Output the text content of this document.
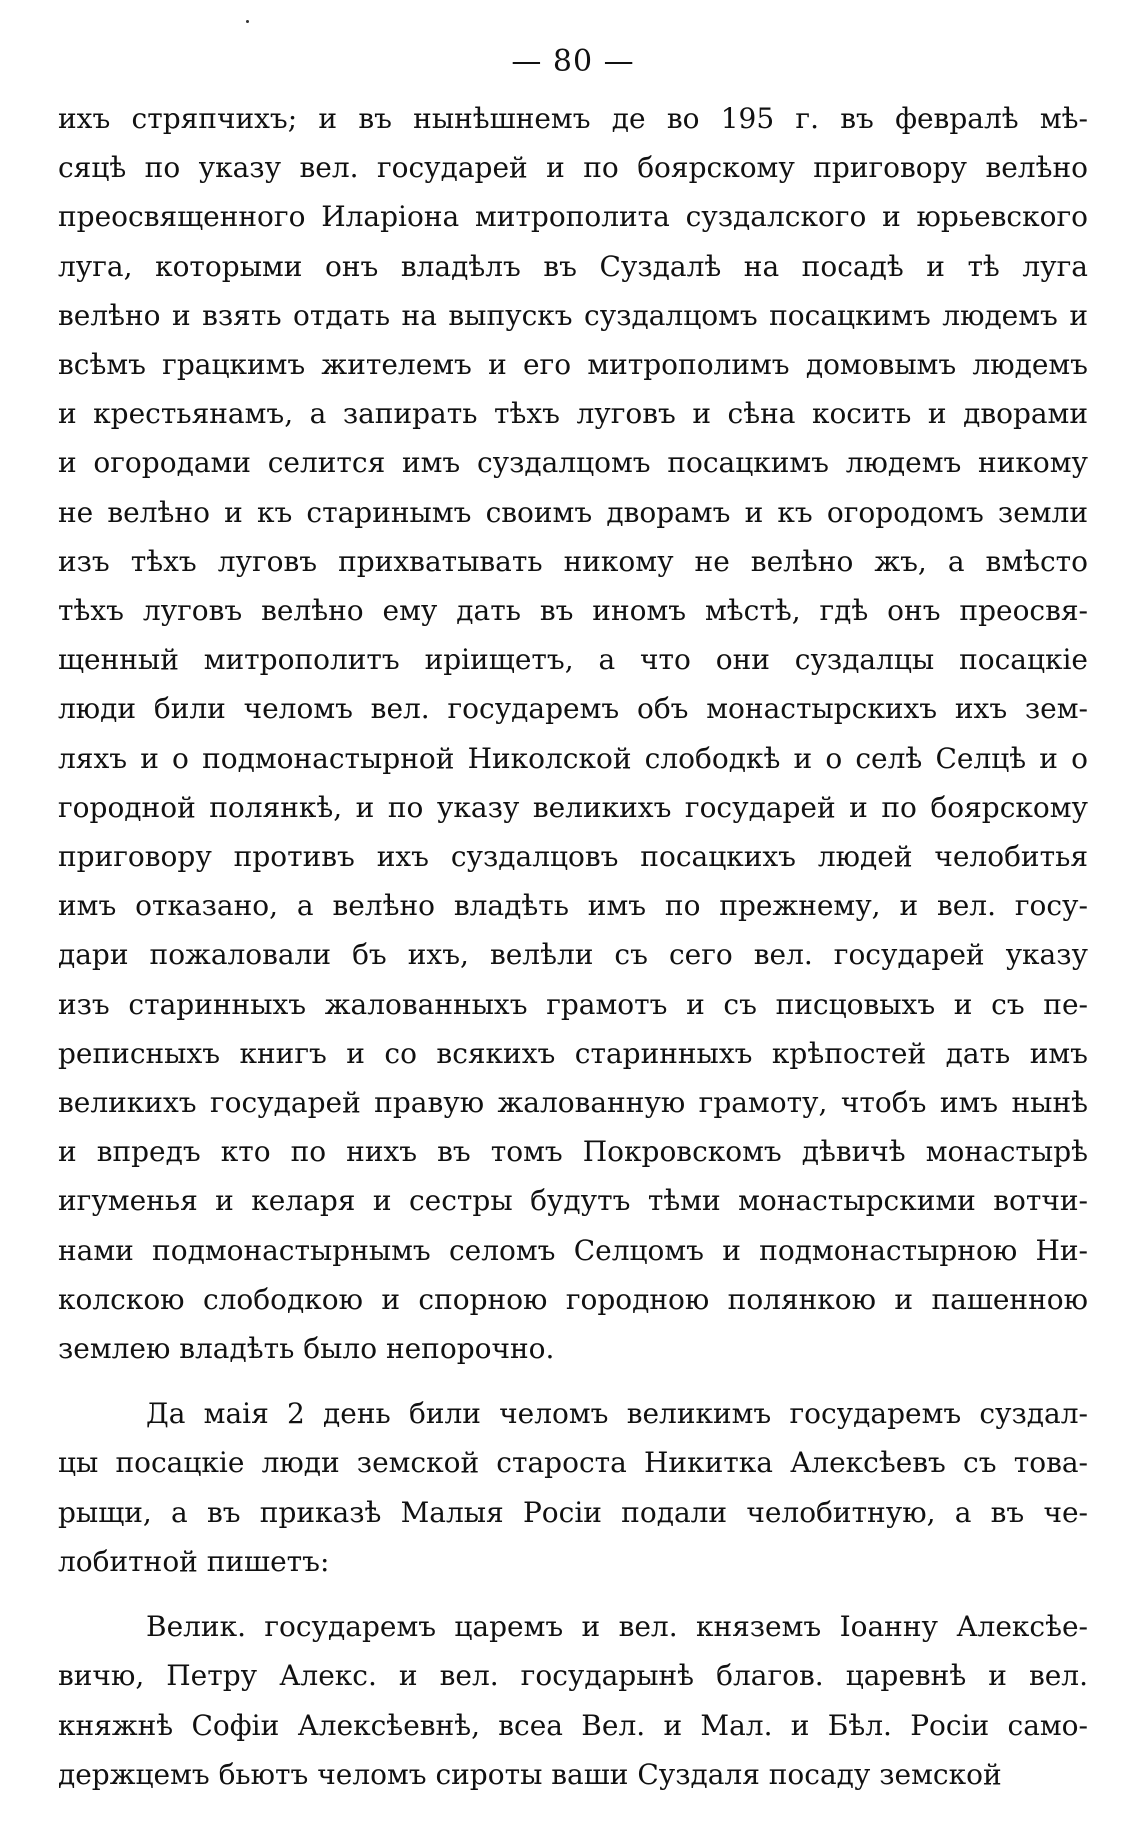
— 80 —
ихъ стряпчихъ; и въ нынѣшнемъ де во 195 г. въ февралѣ мѣ-
сяцѣ по указу вел. государей и по боярскому приговору велѣно
преосвященного Иларіона митрополита суздалского и юрьевского
луга, которыми онъ владѣлъ въ Суздалѣ на посадѣ и тѣ луга
велѣно и взять отдать на выпускъ суздалцомъ посацкимъ людемъ и
всѣмъ грацкимъ жителемъ и его митрополимъ домовымъ людемъ
и крестьянамъ, а запирать тѣхъ луговъ и сѣна косить и дворами
и огородами селится имъ суздалцомъ посацкимъ людемъ никому
не велѣно и къ старинымъ своимъ дворамъ и къ огородомъ земли
изъ тѣхъ луговъ прихватывать никому не велѣно жъ, а вмѣсто
тѣхъ луговъ велѣно ему дать въ иномъ мѣстѣ, гдѣ онъ преосвя-
щенный митрополитъ иріищетъ, а что они суздалцы посацкіе
люди били челомъ вел. государемъ объ монастырскихъ ихъ зем-
ляхъ и о подмонастырной Николской слободкѣ и о селѣ Селцѣ и о
городной полянкѣ, и по указу великихъ государей и по боярскому
приговору противъ ихъ суздалцовъ посацкихъ людей челобитья
имъ отказано, а велѣно владѣть имъ по прежнему, и вел. госу-
дари пожаловали бъ ихъ, велѣли съ сего вел. государей указу
изъ старинныхъ жалованныхъ грамотъ и съ писцовыхъ и съ пе-
реписныхъ книгъ и со всякихъ старинныхъ крѣпостей дать имъ
великихъ государей правую жалованную грамоту, чтобъ имъ нынѣ
и впредъ кто по нихъ въ томъ Покровскомъ дѣвичѣ монастырѣ
игуменья и келаря и сестры будутъ тѣми монастырскими вотчи-
нами подмонастырнымъ селомъ Селцомъ и подмонастырною Ни-
колскою слободкою и спорною городною полянкою и пашенною
землею владѣть было непорочно.
Да маія 2 день били челомъ великимъ государемъ суздал-
цы посацкіе люди земской староста Никитка Алексѣевъ съ това-
рыщи, а въ приказѣ Малыя Росіи подали челобитную, а въ че-
лобитной пишетъ:
Велик. государемъ царемъ и вел. княземъ Іоанну Алексѣе-
вичю, Петру Алекс. и вел. государынѣ благов. царевнѣ и вел.
княжнѣ Софіи Алексѣевнѣ, всеа Вел. и Мал. и Бѣл. Росіи само-
держцемъ бьютъ челомъ сироты ваши Суздаля посаду земской
